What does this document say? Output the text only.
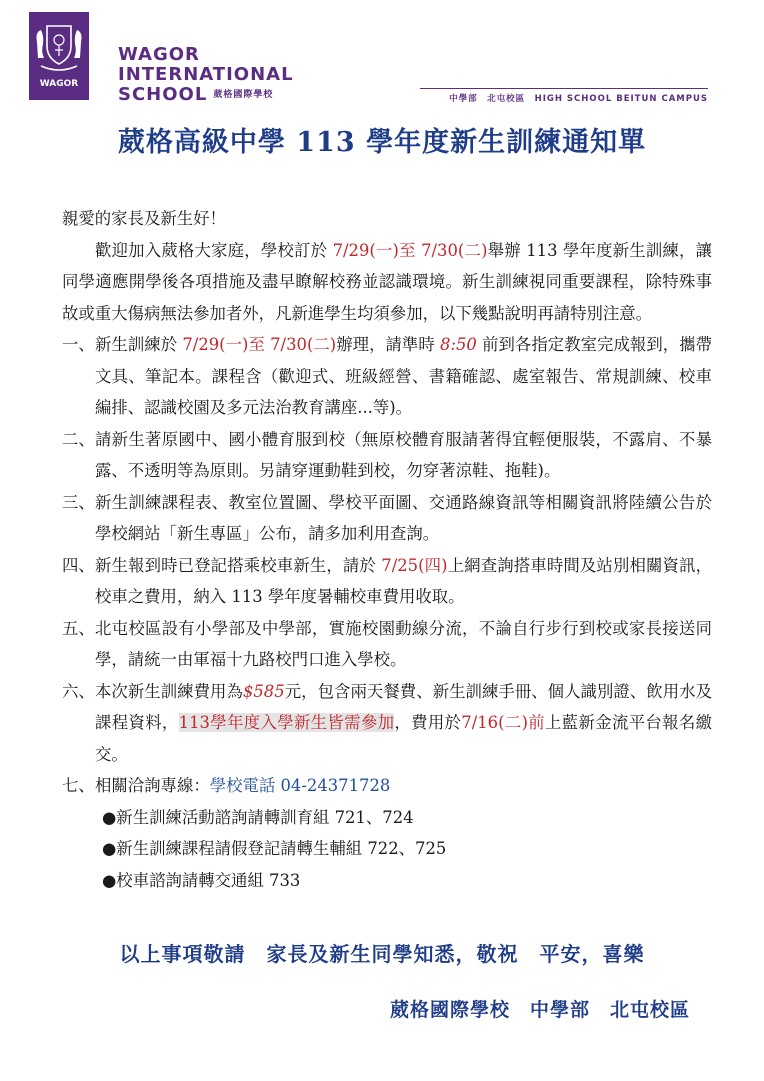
WAGOR
WAGOR
INTERNATIONAL
SCHOOL 葳格國際學校	中學部　北屯校區　HIGH SCHOOL BEITUN CAMPUS
葳格高級中學 113 學年度新生訓練通知單
親愛的家長及新生好！
歡迎加入葳格大家庭，學校訂於 7/29(一)至 7/30(二)舉辦 113 學年度新生訓練，讓同學適應開學後各項措施及盡早瞭解校務並認識環境。新生訓練視同重要課程，除特殊事故或重大傷病無法參加者外，凡新進學生均須參加，以下幾點說明再請特別注意。
一、 新生訓練於 7/29(一)至 7/30(二)辦理，請準時 8:50 前到各指定教室完成報到，攜帶文具、筆記本。課程含（歡迎式、班級經營、書籍確認、處室報告、常規訓練、校車編排、認識校園及多元法治教育講座...等)。
二、 請新生著原國中、國小體育服到校（無原校體育服請著得宜輕便服裝，不露肩、不暴露、不透明等為原則。另請穿運動鞋到校，勿穿著涼鞋、拖鞋)。
三、 新生訓練課程表、教室位置圖、學校平面圖、交通路線資訊等相關資訊將陸續公告於學校網站「新生專區」公布，請多加利用查詢。
四、 新生報到時已登記搭乘校車新生，請於 7/25(四)上網查詢搭車時間及站別相關資訊，校車之費用，納入 113 學年度暑輔校車費用收取。
五、 北屯校區設有小學部及中學部，實施校園動線分流，不論自行步行到校或家長接送同學，請統一由軍福十九路校門口進入學校。
六、 本次新生訓練費用為$585元，包含兩天餐費、新生訓練手冊、個人識別證、飲用水及課程資料，113學年度入學新生皆需參加，費用於7/16(二)前上藍新金流平台報名繳交。
七、 相關洽詢專線：學校電話 04-24371728
●新生訓練活動諮詢請轉訓育組 721、724
●新生訓練課程請假登記請轉生輔組 722、725
●校車諮詢請轉交通組 733
以上事項敬請　家長及新生同學知悉，敬祝　平安，喜樂
葳格國際學校　中學部　北屯校區
